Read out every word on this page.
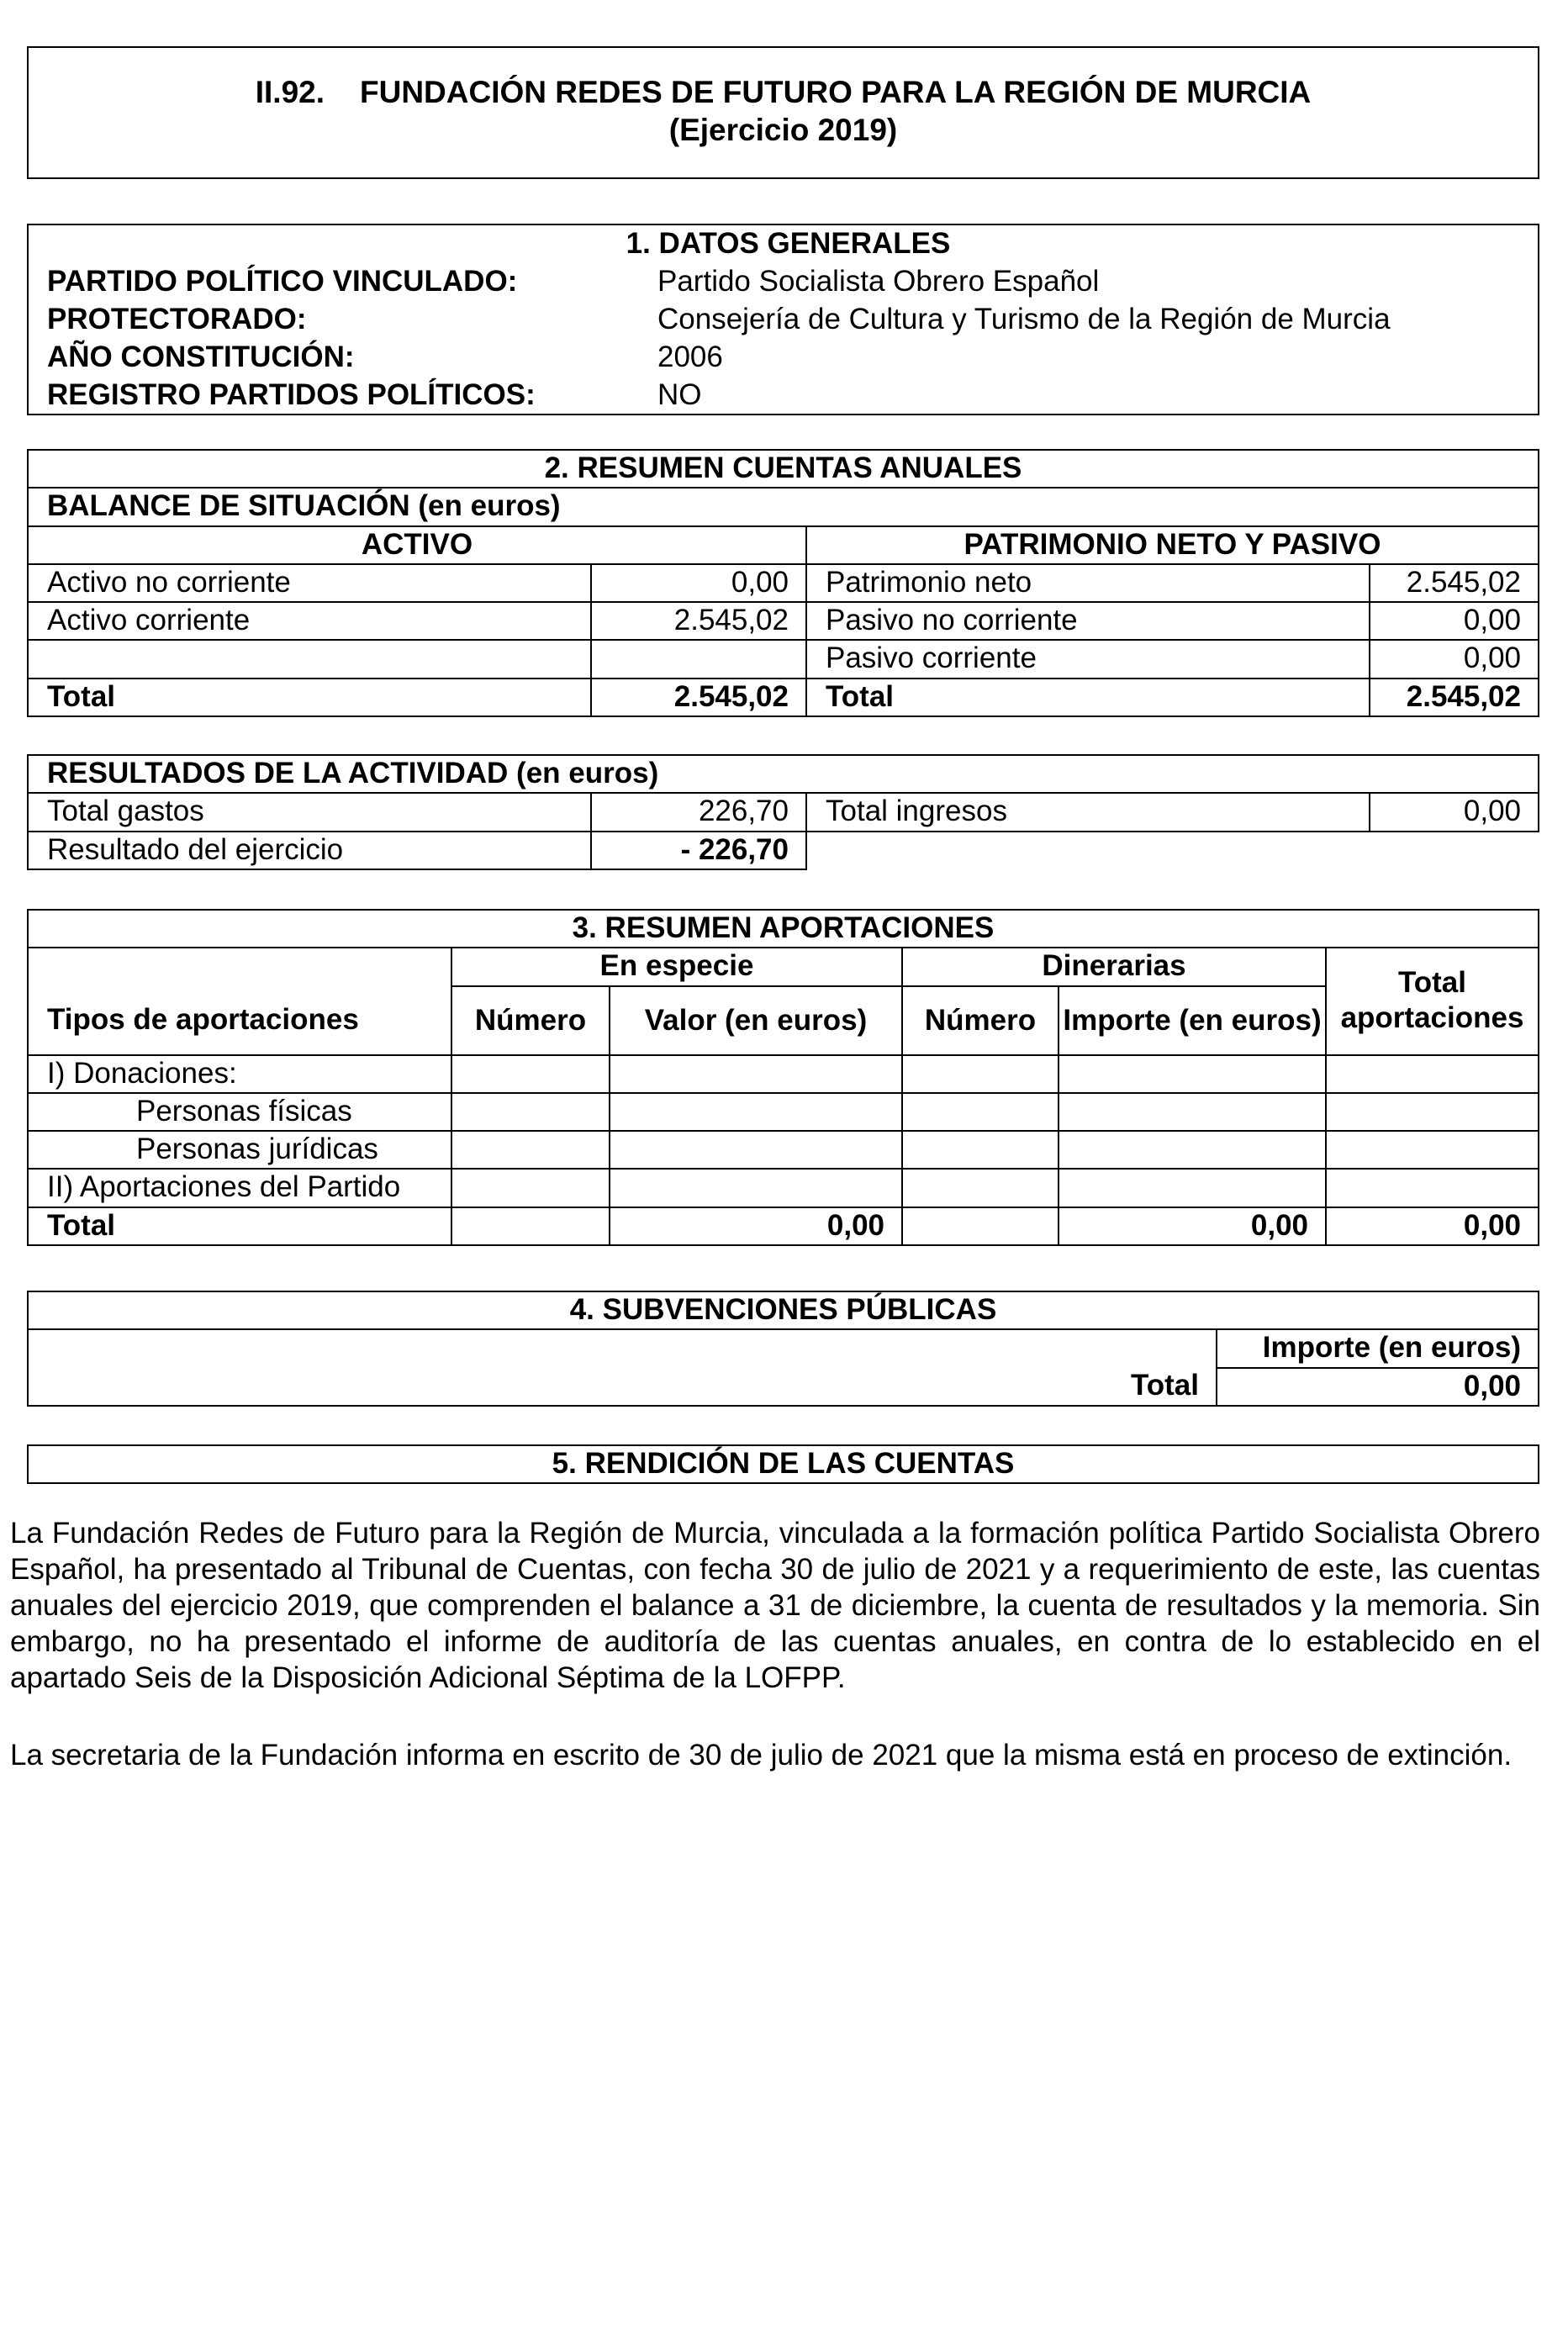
II.92. FUNDACIÓN REDES DE FUTURO PARA LA REGIÓN DE MURCIA
(Ejercicio 2019)
1. DATOS GENERALES	
PARTIDO POLÍTICO VINCULADO:	Partido Socialista Obrero Español
PROTECTORADO:	Consejería de Cultura y Turismo de la Región de Murcia
AÑO CONSTITUCIÓN:	2006
REGISTRO PARTIDOS POLÍTICOS:	NO
2. RESUMEN CUENTAS ANUALES			
BALANCE DE SITUACIÓN (en euros)			
ACTIVO		PATRIMONIO NETO Y PASIVO	
Activo no corriente	0,00	Patrimonio neto	2.545,02
Activo corriente	2.545,02	Pasivo no corriente	0,00
		Pasivo corriente	0,00
Total	2.545,02	Total	2.545,02
RESULTADOS DE LA ACTIVIDAD (en euros)			
Total gastos	226,70	Total ingresos	0,00
Resultado del ejercicio	- 226,70		
3. RESUMEN APORTACIONES					
	En especie		Dinerarias		Total aportaciones
Tipos de aportaciones	Número	Valor (en euros)	Número	Importe (en euros)	
I) Donaciones:					
Personas físicas					
Personas jurídicas					
II) Aportaciones del Partido					
Total		0,00		0,00	0,00
4. SUBVENCIONES PÚBLICAS	
	Importe (en euros)
Total	0,00
5. RENDICIÓN DE LAS CUENTAS
La Fundación Redes de Futuro para la Región de Murcia, vinculada a la formación política Partido Socialista Obrero Español, ha presentado al Tribunal de Cuentas, con fecha 30 de julio de 2021 y a requerimiento de este, las cuentas anuales del ejercicio 2019, que comprenden el balance a 31 de diciembre, la cuenta de resultados y la memoria. Sin embargo, no ha presentado el informe de auditoría de las cuentas anuales, en contra de lo establecido en el apartado Seis de la Disposición Adicional Séptima de la LOFPP.
La secretaria de la Fundación informa en escrito de 30 de julio de 2021 que la misma está en proceso de extinción.
